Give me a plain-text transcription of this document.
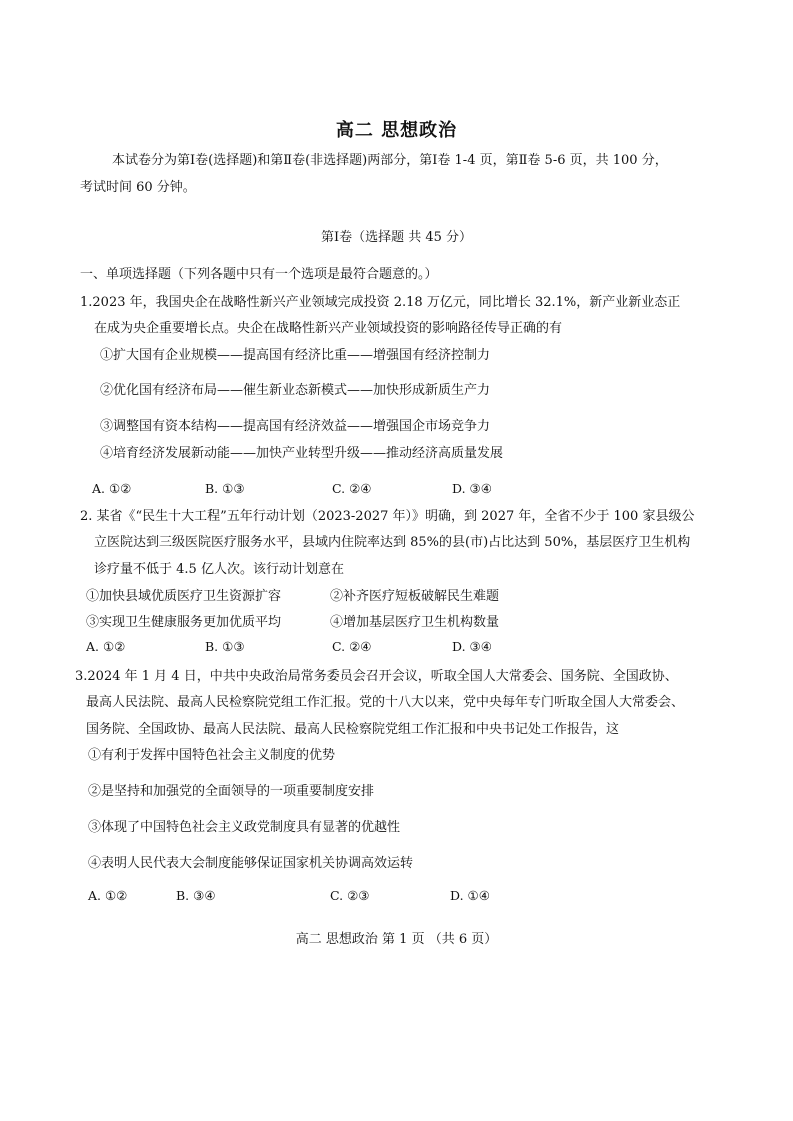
高二 思想政治
本试卷分为第Ⅰ卷(选择题)和第Ⅱ卷(非选择题)两部分，第Ⅰ卷 1-4 页，第Ⅱ卷 5-6 页，共 100 分，
考试时间 60 分钟。
第Ⅰ卷（选择题 共 45 分）
一、单项选择题（下列各题中只有一个选项是最符合题意的。）
1.2023 年，我国央企在战略性新兴产业领域完成投资 2.18 万亿元，同比增长 32.1%，新产业新业态正
在成为央企重要增长点。央企在战略性新兴产业领域投资的影响路径传导正确的有
①扩大国有企业规模——提高国有经济比重——增强国有经济控制力
②优化国有经济布局——催生新业态新模式——加快形成新质生产力
③调整国有资本结构——提高国有经济效益——增强国企市场竞争力
④培育经济发展新动能——加快产业转型升级——推动经济高质量发展
A. ①②	B. ①③	C. ②④	D. ③④
2. 某省《“民生十大工程”五年行动计划（2023-2027 年）》明确，到 2027 年，全省不少于 100 家县级公
立医院达到三级医院医疗服务水平，县域内住院率达到 85%的县(市)占比达到 50%，基层医疗卫生机构
诊疗量不低于 4.5 亿人次。该行动计划意在
①加快县域优质医疗卫生资源扩容	②补齐医疗短板破解民生难题
③实现卫生健康服务更加优质平均	④增加基层医疗卫生机构数量
A. ①②	B. ①③	C. ②④	D. ③④
3.2024 年 1 月 4 日，中共中央政治局常务委员会召开会议，听取全国人大常委会、国务院、全国政协、
最高人民法院、最高人民检察院党组工作汇报。党的十八大以来，党中央每年专门听取全国人大常委会、
国务院、全国政协、最高人民法院、最高人民检察院党组工作汇报和中央书记处工作报告，这
①有利于发挥中国特色社会主义制度的优势
②是坚持和加强党的全面领导的一项重要制度安排
③体现了中国特色社会主义政党制度具有显著的优越性
④表明人民代表大会制度能够保证国家机关协调高效运转
A. ①②	B. ③④	C. ②③	D. ①④
高二 思想政治 第 1 页 （共 6 页）
